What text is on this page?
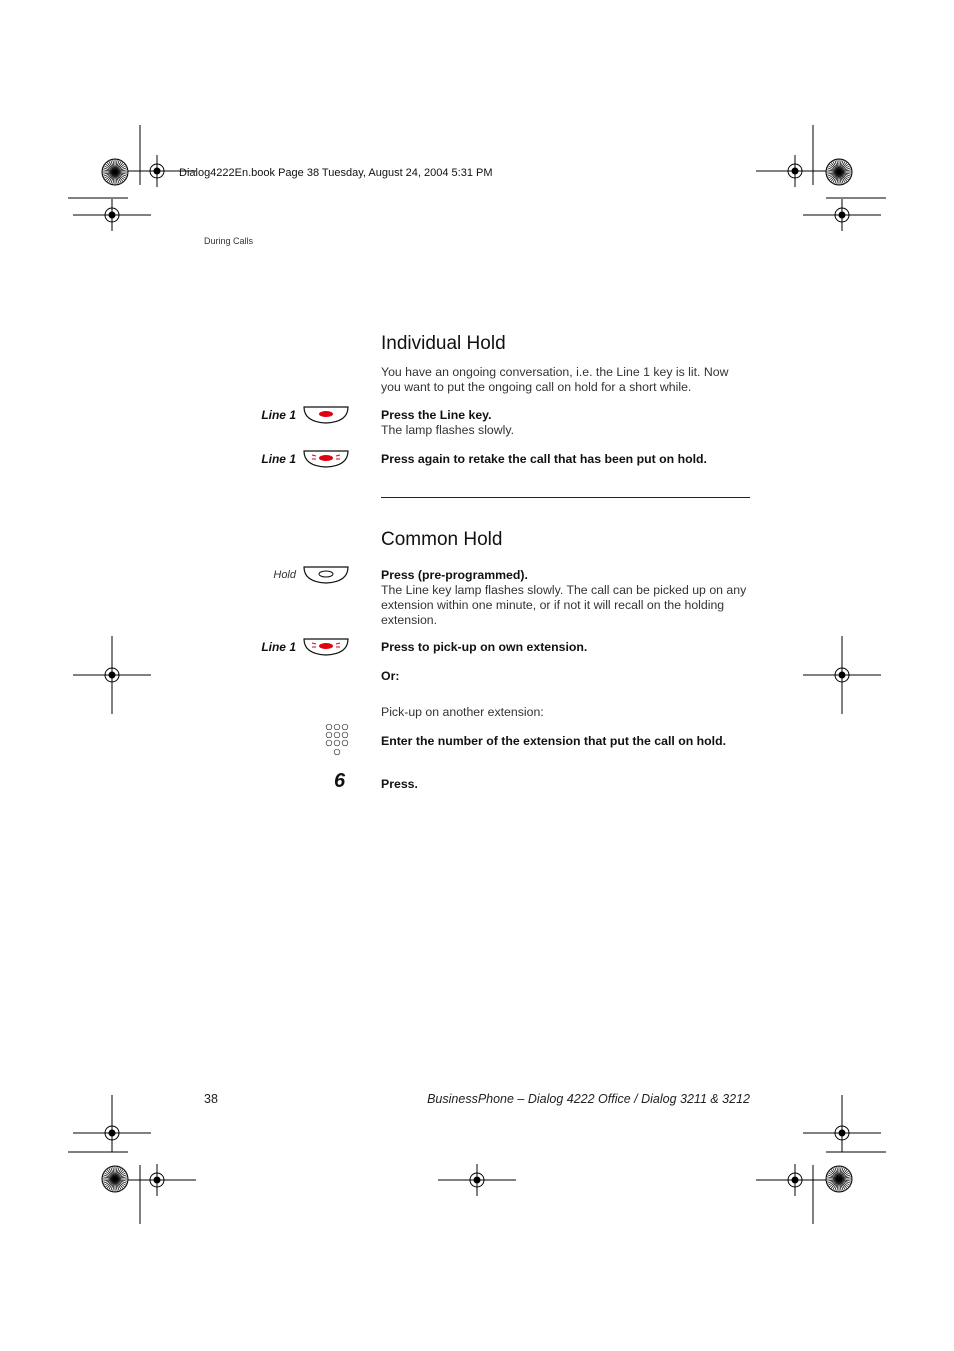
Dialog4222En.book Page 38 Tuesday, August 24, 2004 5:31 PM
During Calls
Individual Hold
You have an ongoing conversation, i.e. the Line 1 key is lit. Now you want to put the ongoing call on hold for a short while.
Line 1	Press the Line key.
The lamp flashes slowly.
Line 1	Press again to retake the call that has been put on hold.
Common Hold
Hold	Press (pre-programmed).
The Line key lamp flashes slowly. The call can be picked up on any extension within one minute, or if not it will recall on the holding extension.
Line 1	Press to pick-up on own extension.
Or:
Pick-up on another extension:
Enter the number of the extension that put the call on hold.
6	Press.
38	BusinessPhone – Dialog 4222 Office / Dialog 3211 & 3212
